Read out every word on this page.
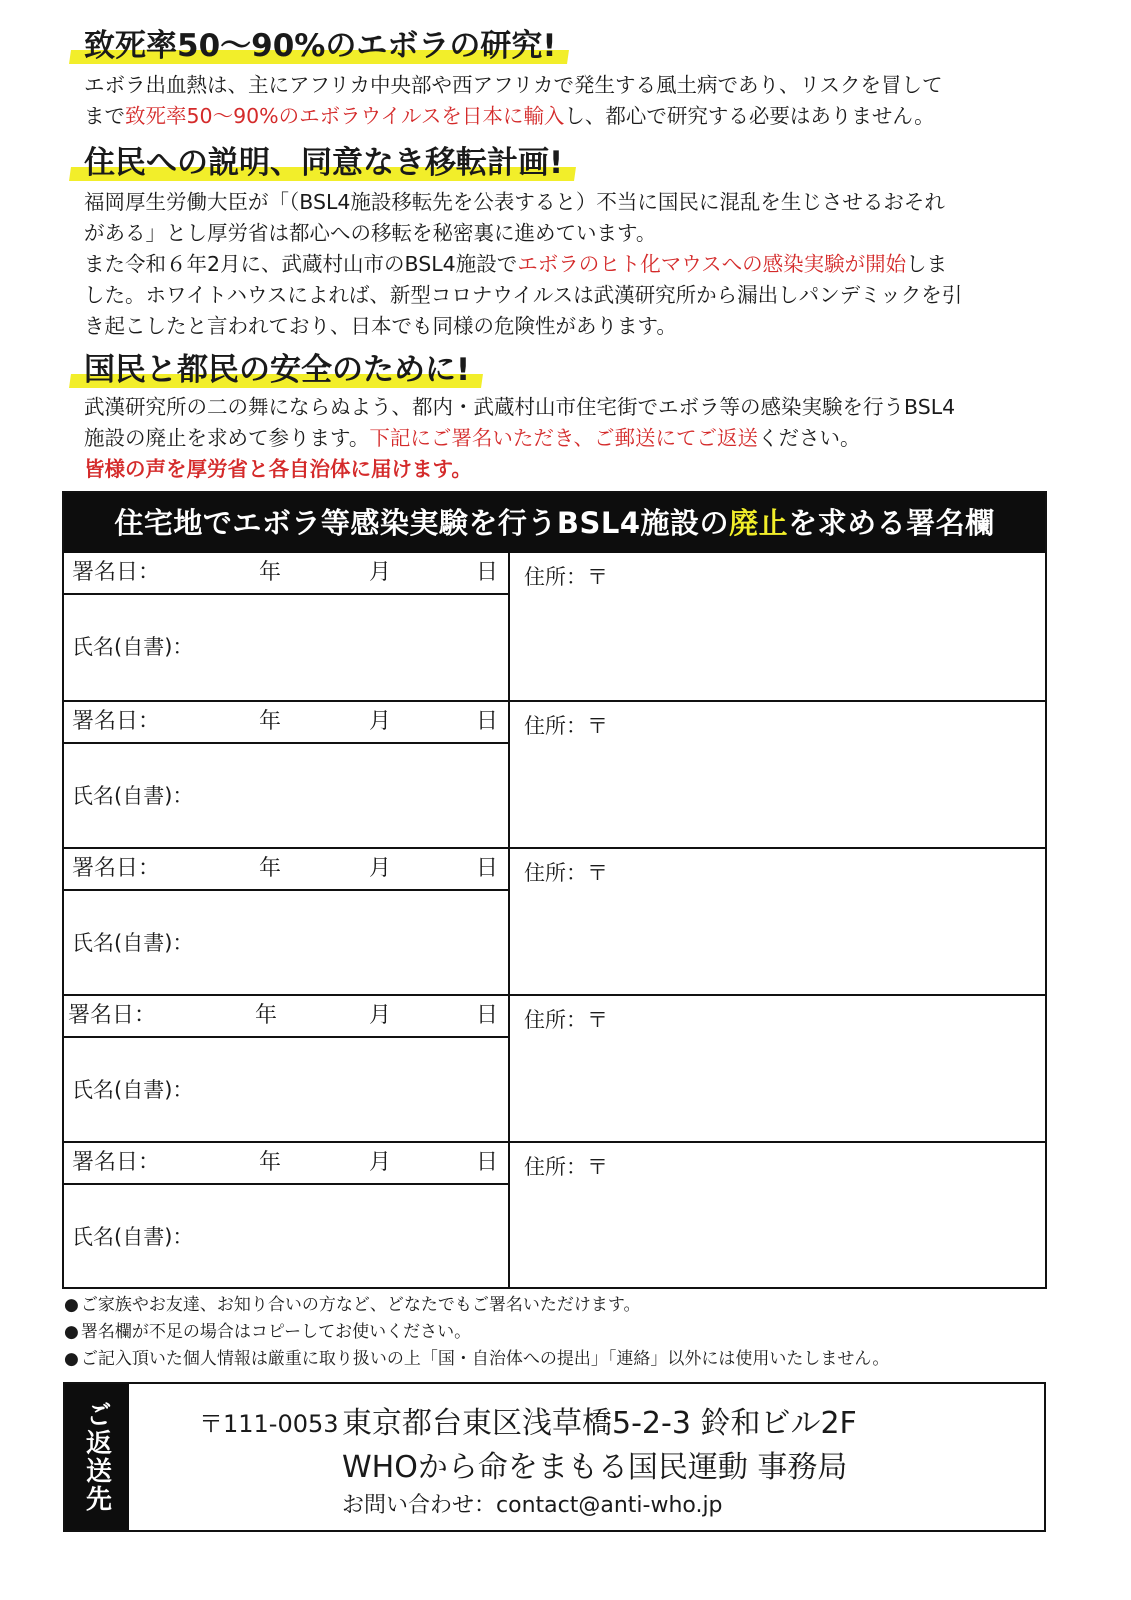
致死率50〜90%のエボラの研究!

エボラ出血熱は、主にアフリカ中央部や西アフリカで発生する風土病であり、リスクを冒して

まで致死率50〜90%のエボラウイルスを日本に輸入し、都心で研究する必要はありません。

住民への説明、同意なき移転計画!

福岡厚生労働大臣が「（BSL4施設移転先を公表すると）不当に国民に混乱を生じさせるおそれ

がある」とし厚労省は都心への移転を秘密裏に進めています。

また令和６年2月に、武蔵村山市のBSL4施設でエボラのヒト化マウスへの感染実験が開始しま

した。ホワイトハウスによれば、新型コロナウイルスは武漢研究所から漏出しパンデミックを引

き起こしたと言われており、日本でも同様の危険性があります。

国民と都民の安全のために!

武漢研究所の二の舞にならぬよう、都内・武蔵村山市住宅街でエボラ等の感染実験を行うBSL4

施設の廃止を求めて参ります。下記にご署名いただき、ご郵送にてご返送ください。

皆様の声を厚労省と各自治体に届けます。

住宅地でエボラ等感染実験を行うBSL4施設の廃止を求める署名欄
署名日：	年	月	日
氏名(自書)：
住所：〒
署名日：	年	月	日
氏名(自書)：
住所：〒
署名日：	年	月	日
氏名(自書)：
住所：〒
署名日：	年	月	日
氏名(自書)：
住所：〒
署名日：	年	月	日
氏名(自書)：
住所：〒
● ご家族やお友達、お知り合いの方など、どなたでもご署名いただけます。
● 署名欄が不足の場合はコピーしてお使いください。
● ご記入頂いた個人情報は厳重に取り扱いの上「国・自治体への提出」「連絡」以外には使用いたしません。
ご返送先	〒111-0053 東京都台東区浅草橋5-2-3 鈴和ビル2F
WHOから命をまもる国民運動 事務局
お問い合わせ：contact@anti-who.jp
